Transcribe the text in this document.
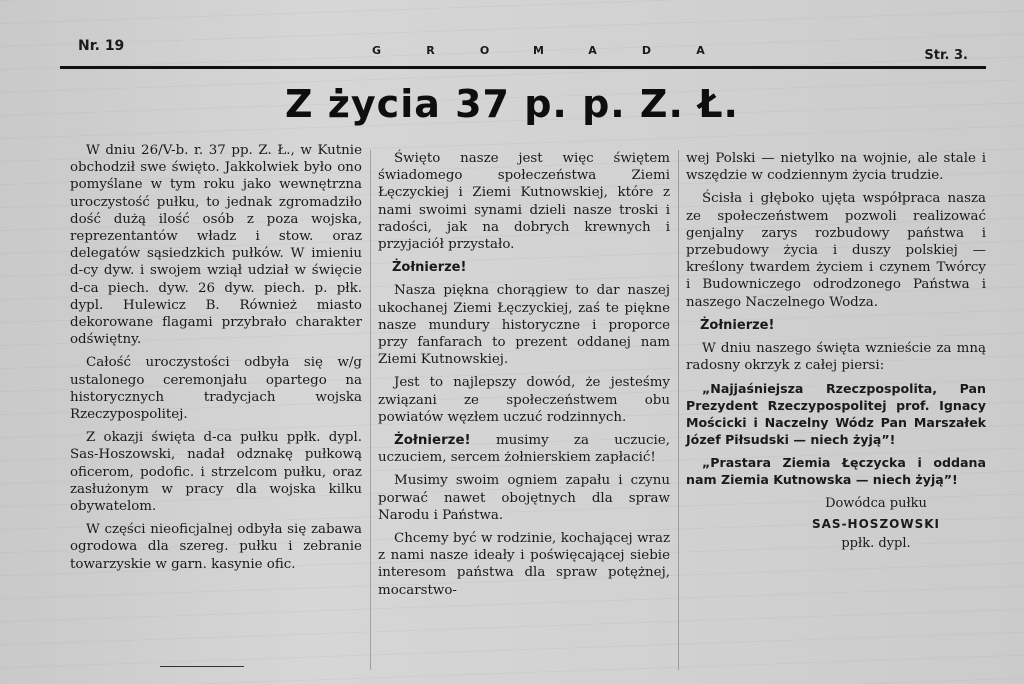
Nr. 19	G	R	O	M	A	D	A	Str. 3.
Z życia 37 p. p. Z. Ł.

W dniu 26/V-b. r. 37 pp. Z. Ł., w Kutnie obchodził swe święto. Jakkolwiek było ono pomyślane w tym roku jako wewnętrzna uroczystość pułku, to jednak zgromadziło dość dużą ilość osób z poza wojska, reprezentantów władz i stow. oraz delegatów sąsiedzkich pułków. W imieniu d-cy dyw. i swojem wziął udział w święcie d-ca piech. dyw. 26 dyw. piech. p. płk. dypl. Hulewicz B. Również miasto dekorowane flagami przybrało charakter odświętny.

Całość uroczystości odbyła się w/g ustalonego ceremonjału opartego na historycznych tradycjach wojska Rzeczypospolitej.

Z okazji święta d-ca pułku ppłk. dypl. Sas-Hoszowski, nadał odznakę pułkową oficerom, podofic. i strzelcom pułku, oraz zasłużonym w pracy dla wojska kilku obywatelom.

W części nieoficjalnej odbyła się zabawa ogrodowa dla szereg. pułku i zebranie towarzyskie w garn. kasynie ofic.

Święto nasze jest więc świętem świadomego społeczeństwa Ziemi Łęczyckiej i Ziemi Kutnowskiej, które z nami swoimi synami dzieli nasze troski i radości, jak na dobrych krewnych i przyjaciół przystało.

Żołnierze!

Nasza piękna chorągiew to dar naszej ukochanej Ziemi Łęczyckiej, zaś te piękne nasze mundury historyczne i proporce przy fanfarach to prezent oddanej nam Ziemi Kutnowskiej.

Jest to najlepszy dowód, że jesteśmy związani ze społeczeństwem obu powiatów węzłem uczuć rodzinnych.

Żołnierze! musimy za uczucie, uczuciem, sercem żołnierskiem zapłacić!

Musimy swoim ogniem zapału i czynu porwać nawet obojętnych dla spraw Narodu i Państwa.

Chcemy być w rodzinie, kochającej wraz z nami nasze ideały i poświęcającej siebie interesom państwa dla spraw potężnej, mocarstwo-

wej Polski — nietylko na wojnie, ale stale i wszędzie w codziennym życia trudzie.

Ścisła i głęboko ujęta współpraca nasza ze społeczeństwem pozwoli realizować genjalny zarys rozbudowy państwa i przebudowy życia i duszy polskiej — kreślony twardem życiem i czynem Twórcy i Budowniczego odrodzonego Państwa i naszego Naczelnego Wodza.

Żołnierze!

W dniu naszego święta wznieście za mną radosny okrzyk z całej piersi:

„Najjaśniejsza Rzeczpospolita, Pan Prezydent Rzeczypospolitej prof. Ignacy Mościcki i Naczelny Wódz Pan Marszałek Józef Piłsudski — niech żyją”!

„Prastara Ziemia Łęczycka i oddana nam Ziemia Kutnowska — niech żyją”!

Dowódca pułku
SAS-HOSZOWSKI
ppłk. dypl.
